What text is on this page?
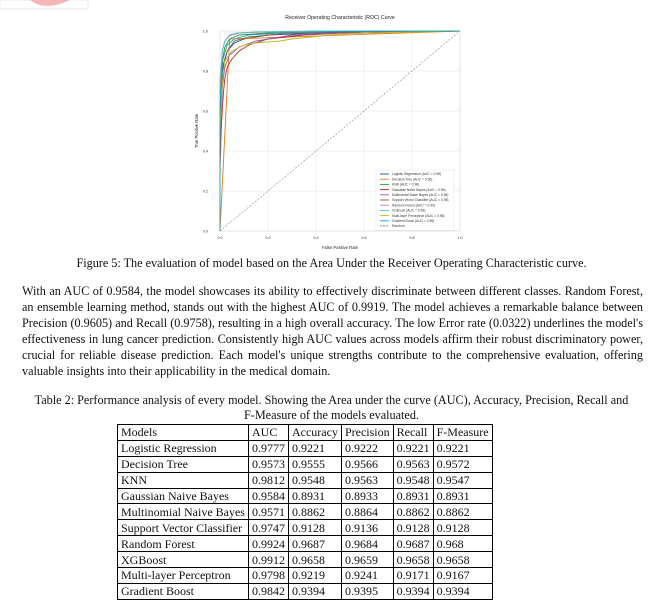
Receiver Operating Characteristic (ROC) Curve
False Positive Rate
True Positive Rate
0.0	0.2	0.4	0.6	0.8	1.0
0.0
0.2
0.4
0.6
0.8
1.0
Logistic Regression (AUC = 0.98)
Decision Tree (AUC = 0.96)
KNN (AUC = 0.98)
Gaussian Naive Bayes (AUC = 0.96)
Multinomial Naive Bayes (AUC = 0.96)
Support Vector Classifier (AUC = 0.98)
Random Forest (AUC = 0.99)
XGBoost (AUC = 0.99)
Multi-layer Perceptron (AUC = 0.98)
Gradient Boost (AUC = 0.98)
Random
Figure 5: The evaluation of model based on the Area Under the Receiver Operating Characteristic curve.

With an AUC of 0.9584, the model showcases its ability to effectively discriminate between different classes. Random Forest, an ensemble learning method, stands out with the highest AUC of 0.9919. The model achieves a remarkable balance between Precision (0.9605) and Recall (0.9758), resulting in a high overall accuracy. The low Error rate (0.0322) underlines the model's effectiveness in lung cancer prediction. Consistently high AUC values across models affirm their robust discriminatory power, crucial for reliable disease prediction. Each model's unique strengths contribute to the comprehensive evaluation, offering valuable insights into their applicability in the medical domain.

Table 2: Performance analysis of every model. Showing the Area under the curve (AUC), Accuracy, Precision, Recall and F-Measure of the models evaluated.

Models	AUC	Accuracy	Precision	Recall	F-Measure
Logistic Regression	0.9777	0.9221	0.9222	0.9221	0.9221
Decision Tree	0.9573	0.9555	0.9566	0.9563	0.9572
KNN	0.9812	0.9548	0.9563	0.9548	0.9547
Gaussian Naive Bayes	0.9584	0.8931	0.8933	0.8931	0.8931
Multinomial Naive Bayes	0.9571	0.8862	0.8864	0.8862	0.8862
Support Vector Classifier	0.9747	0.9128	0.9136	0.9128	0.9128
Random Forest	0.9924	0.9687	0.9684	0.9687	0.968
XGBoost	0.9912	0.9658	0.9659	0.9658	0.9658
Multi-layer Perceptron	0.9798	0.9219	0.9241	0.9171	0.9167
Gradient Boost	0.9842	0.9394	0.9395	0.9394	0.9394
